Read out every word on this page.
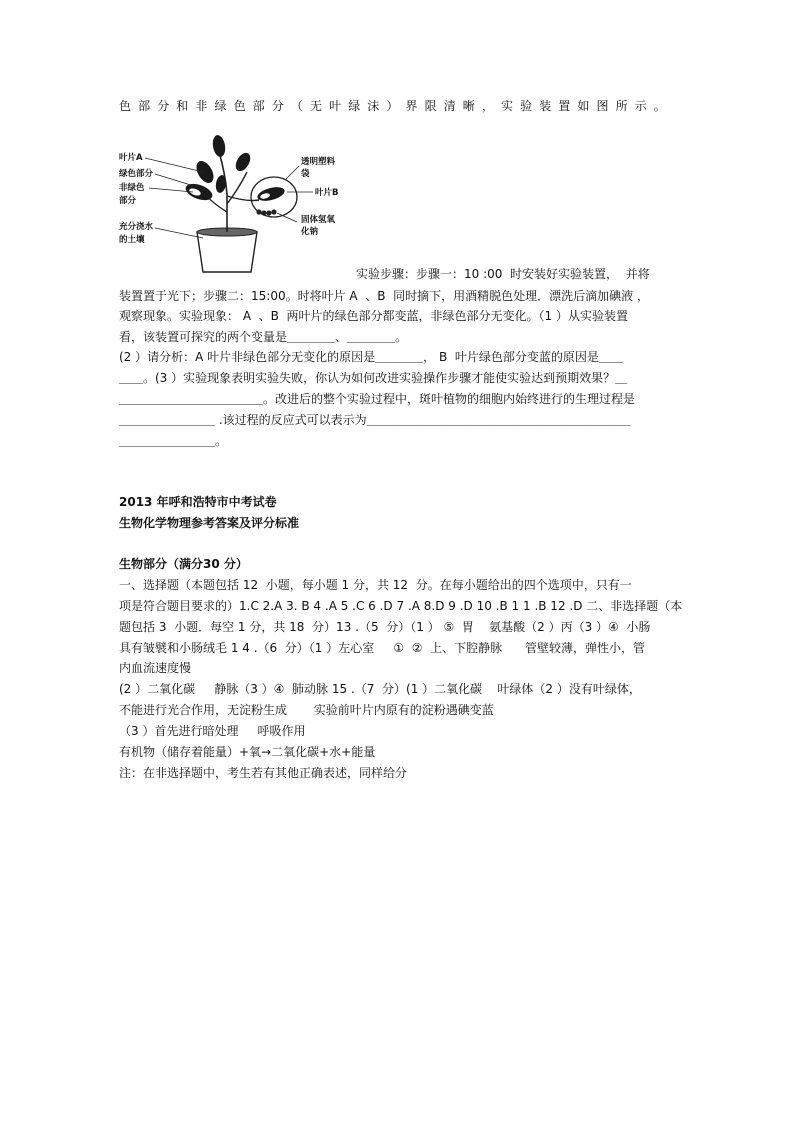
色部分和非绿色部分（无叶绿沫）界限清晰，实验装置如图所示。
叶片A
绿色部分
非绿色
部分
充分浇水
的土壤
透明塑料
袋
叶片B
固体氢氧
化钠
实验步骤：步骤一：10 :00  时安装好实验装置，  并将
装置置于光下；步骤二：15:00。时将叶片 A  、B  同时摘下，用酒精脱色处理．漂洗后滴加碘液 ，
观察现象。实验现象： A  、B  两叶片的绿色部分都变蓝，非绿色部分无变化。（1 ）从实验装置
看，该装置可探究的两个变量是＿＿＿＿、＿＿＿＿。
(2 ）请分析：A 叶片非绿色部分无变化的原因是＿＿＿＿， B  叶片绿色部分变蓝的原因是＿＿
＿＿。(3 ）实验现象表明实验失败，你认为如何改进实验操作步骤才能使实验达到预期效果？＿
＿＿＿＿＿＿＿＿＿＿＿＿。改进后的整个实验过程中，斑叶植物的细胞内始终进行的生理过程是
＿＿＿＿＿＿＿＿ .该过程的反应式可以表示为＿＿＿＿＿＿＿＿＿＿＿＿＿＿＿＿＿＿＿＿＿＿
＿＿＿＿＿＿＿＿。
2013 年呼和浩特市中考试卷
生物化学物理参考答案及评分标准
生物部分（满分30 分）
一、选择题（本题包括 12  小题，每小题 1 分，共 12  分。在每小题给出的四个选项中，只有一
项是符合题目要求的）1.C 2.A 3. B 4 .A 5 .C 6 .D 7 .A 8.D 9 .D 10 .B 1 1 .B 12 .D 二、非选择题（本
题包括 3  小题．每空 1 分，共 18  分）13 .（5  分）（1 ） ⑤  胃    氨基酸（2 ）丙（3 ）④  小肠
具有皱襞和小肠绒毛 1 4 .（6  分）（1 ）左心室     ①  ②  上、下腔静脉      管壁较薄，弹性小，管
内血流速度慢
(2 ）二氧化碳     静脉（3 ）④  肺动脉 15 .（7  分）(1 ）二氧化碳    叶绿体（2 ）没有叶绿体，
不能进行光合作用，无淀粉生成       实验前叶片内原有的淀粉遇碘变蓝
（3 ）首先进行暗处理     呼吸作用
有机物（储存着能量）+氧→二氧化碳+水+能量
注：在非选择题中，考生若有其他正确表述，同样给分
